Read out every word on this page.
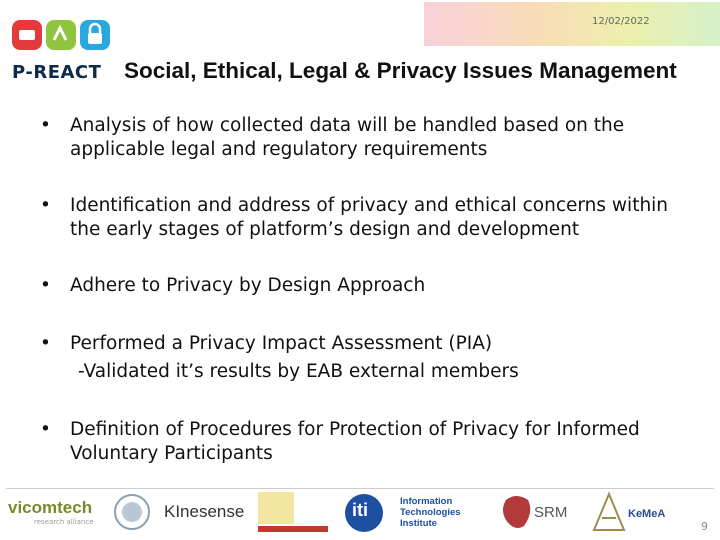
12/02/2022
P-REACT Social, Ethical, Legal & Privacy Issues Management
• Analysis of how collected data will be handled based on the applicable legal and regulatory requirements
• Identification and address of privacy and ethical concerns within the early stages of platform’s design and development
• Adhere to Privacy by Design Approach
• Performed a Privacy Impact Assessment (PIA)
-Validated it’s results by EAB external members
• Definition of Procedures for Protection of Privacy for Informed Voluntary Participants
vicomtech
research alliance
KInesense	iti	Information Technologies Institute
SRM	KeMeA
9
